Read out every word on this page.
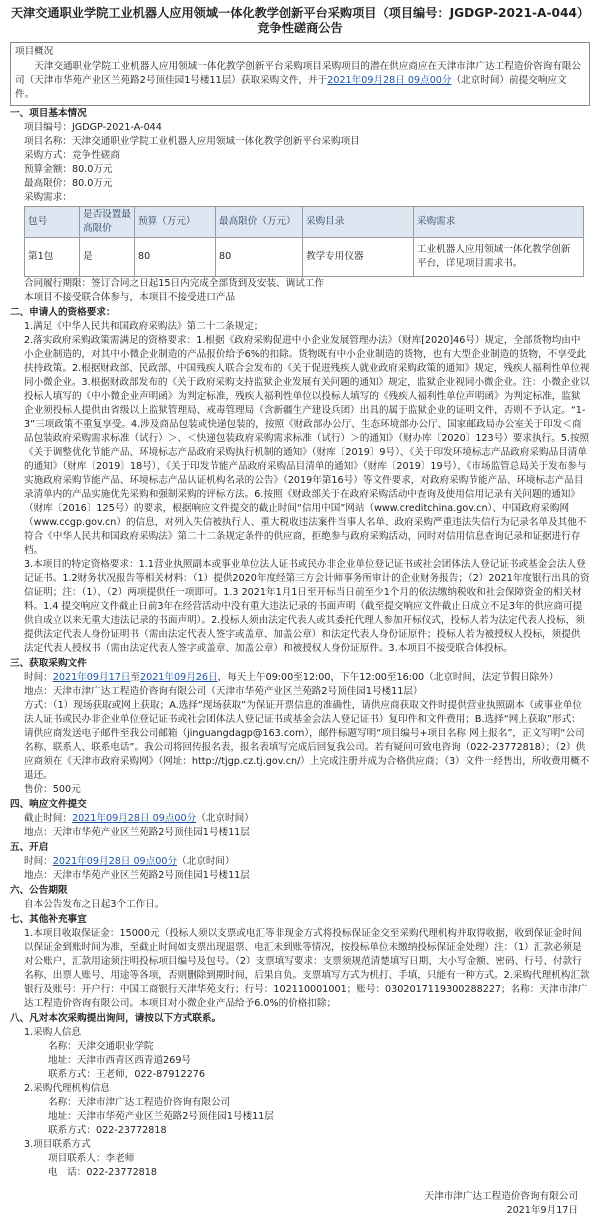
天津交通职业学院工业机器人应用领域一体化教学创新平台采购项目（项目编号：JGDGP-2021-A-044）
竞争性磋商公告
项目概况

天津交通职业学院工业机器人应用领域一体化教学创新平台采购项目采购项目的潜在供应商应在天津市津广达工程造价咨询有限公司（天津市华苑产业区兰苑路2号顶佳园1号楼11层）获取采购文件，并于2021年09月28日 09点00分（北京时间）前提交响应文件。

一、项目基本情况

项目编号：JGDGP-2021-A-044

项目名称：天津交通职业学院工业机器人应用领域一体化教学创新平台采购项目

采购方式：竞争性磋商

预算金额：80.0万元

最高限价：80.0万元

采购需求：

包号	是否设置最高限价	预算（万元）	最高限价（万元）	采购目录	采购需求
第1包	是	80	80	教学专用仪器	工业机器人应用领域一体化教学创新平台，详见项目需求书。

合同履行期限：签订合同之日起15日内完成全部货到及安装、调试工作

本项目不接受联合体参与，本项目不接受进口产品

二、申请人的资格要求：

1.满足《中华人民共和国政府采购法》第二十二条规定；

2.落实政府采购政策需满足的资格要求：1.根据《政府采购促进中小企业发展管理办法》（财库[2020]46号）规定，全部货物均由中小企业制造的，对其中小微企业制造的产品报价给予6%的扣除。货物既有中小企业制造的货物，也有大型企业制造的货物，不享受此扶持政策。2.根据财政部、民政部、中国残疾人联合会发布的《关于促进残疾人就业政府采购政策的通知》规定，残疾人福利性单位视同小微企业。3.根据财政部发布的《关于政府采购支持监狱企业发展有关问题的通知》规定，监狱企业视同小微企业。注：小微企业以投标人填写的《中小微企业声明函》为判定标准，残疾人福利性单位以投标人填写的《残疾人福利性单位声明函》为判定标准，监狱企业须投标人提供由省级以上监狱管理局、戒毒管理局（含新疆生产建设兵团）出具的属于监狱企业的证明文件，否则不予认定。“1-3”三项政策不重复享受。4.涉及商品包装或快递包装的，按照《财政部办公厅、生态环境部办公厅、国家邮政局办公室关于印发＜商品包装政府采购需求标准（试行）＞、＜快递包装政府采购需求标准（试行）＞的通知》（财办库〔2020〕123号）要求执行。5.按照《关于调整优化节能产品、环境标志产品政府采购执行机制的通知》（财库〔2019〕9号）、《关于印发环境标志产品政府采购品目清单的通知》（财库〔2019〕18号）、《关于印发节能产品政府采购品目清单的通知》（财库〔2019〕19号）、《市场监管总局关于发布参与实施政府采购节能产品、环境标志产品认证机构名录的公告》（2019年第16号）等文件要求，对政府采购节能产品、环境标志产品目录清单内的产品实施优先采购和强制采购的评标方法。6.按照《财政部关于在政府采购活动中查询及使用信用记录有关问题的通知》（财库〔2016〕125号）的要求，根据响应文件提交的截止时间“信用中国”网站（www.creditchina.gov.cn）、中国政府采购网（www.ccgp.gov.cn）的信息，对列入失信被执行人、重大税收违法案件当事人名单、政府采购严重违法失信行为记录名单及其他不符合《中华人民共和国政府采购法》第二十二条规定条件的供应商，拒绝参与政府采购活动，同时对信用信息查询记录和证据进行存档。

3.本项目的特定资格要求：1.1营业执照副本或事业单位法人证书或民办非企业单位登记证书或社会团体法人登记证书或基金会法人登记证书。1.2财务状况报告等相关材料：（1）提供2020年度经第三方会计师事务所审计的企业财务报告；（2）2021年度银行出具的资信证明；注：（1）、（2）两项提供任一项即可。1.3 2021年1月1日至开标当日前至少1个月的依法缴纳税收和社会保障资金的相关材料。1.4 提交响应文件截止日前3年在经营活动中没有重大违法记录的书面声明（截至提交响应文件截止日成立不足3年的供应商可提供自成立以来无重大违法记录的书面声明）。2.投标人须由法定代表人或其委托代理人参加开标仪式，投标人若为法定代表人投标，须提供法定代表人身份证明书（需由法定代表人签字或盖章、加盖公章）和法定代表人身份证原件；投标人若为被授权人投标，须提供法定代表人授权书（需由法定代表人签字或盖章、加盖公章）和被授权人身份证原件。3.本项目不接受联合体投标。

三、获取采购文件

时间：2021年09月17日至2021年09月26日，每天上午09:00至12:00，下午12:00至16:00（北京时间，法定节假日除外）

地点：天津市津广达工程造价咨询有限公司（天津市华苑产业区兰苑路2号顶佳园1号楼11层）

方式：（1）现场获取或网上获取；A.选择“现场获取”为保证开票信息的准确性，请供应商获取文件时提供营业执照副本（或事业单位法人证书或民办非企业单位登记证书或社会团体法人登记证书或基金会法人登记证书）复印件和文件费用；B.选择“网上获取”形式：请供应商发送电子邮件至我公司邮箱（jinguangdagp@163.com），邮件标题写明“项目编号+项目名称 网上报名”，正文写明“公司名称、联系人、联系电话”。我公司将回传报名表，报名表填写完成后回复我公司。若有疑问可致电咨询（022-23772818）；（2）供应商须在《天津市政府采购网》（网址：http://tjgp.cz.tj.gov.cn/）上完成注册并成为合格供应商；（3）文件一经售出，所收费用概不退还。

售价：500元

四、响应文件提交

截止时间：2021年09月28日 09点00分（北京时间）

地点：天津市华苑产业区兰苑路2号顶佳园1号楼11层

五、开启

时间：2021年09月28日 09点00分（北京时间）

地点：天津市华苑产业区兰苑路2号顶佳园1号楼11层

六、公告期限

自本公告发布之日起3个工作日。

七、其他补充事宜

1.本项目收取保证金：15000元（投标人须以支票或电汇等非现金方式将投标保证金交至采购代理机构并取得收据，收到保证金时间以保证金到账时间为准，至截止时间如支票出现退票、电汇未到账等情况，按投标单位未缴纳投标保证金处理）注：（1）汇款必须是对公账户，汇款用途须注明投标项目编号及包号。（2）支票填写要求：支票须规范清楚填写日期、大小写金额、密码、行号、付款行名称、出票人账号、用途等各项，否则删除到期时间，后果自负。支票填写方式为机打、手填，只能有一种方式。2.采购代理机构汇款银行及账号：开户行：中国工商银行天津华苑支行；行号：102110001001；账号：0302017119300288227；名称：天津市津广达工程造价咨询有限公司。本项目对小微企业产品给予6.0%的价格扣除；

八、凡对本次采购提出询问，请按以下方式联系。

1.采购人信息

名称：天津交通职业学院

地址：天津市西青区西青道269号

联系方式：王老师，022-87912276

2.采购代理机构信息

名称：天津市津广达工程造价咨询有限公司

地址：天津市华苑产业区兰苑路2号顶佳园1号楼11层

联系方式：022-23772818

3.项目联系方式

项目联系人：李老师

电　话：022-23772818

天津市津广达工程造价咨询有限公司

2021年9月17日
